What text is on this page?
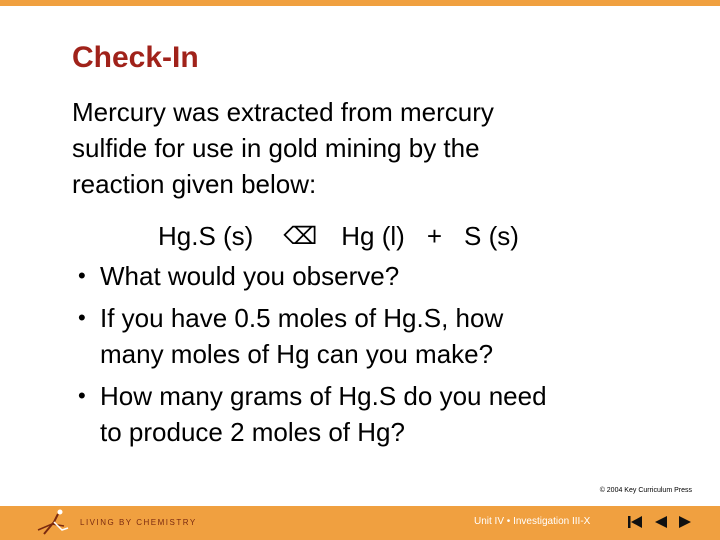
Check-In
Mercury was extracted from mercury
sulfide for use in gold mining by the
reaction given below:
Hg.S (s) ⌫ Hg (l) + S (s)
• What would you observe?
• If you have 0.5 moles of Hg.S, how
many moles of Hg can you make?
• How many grams of Hg.S do you need
to produce 2 moles of Hg?
© 2004 Key Curriculum Press
LIVING BY CHEMISTRY	Unit IV • Investigation III-X
